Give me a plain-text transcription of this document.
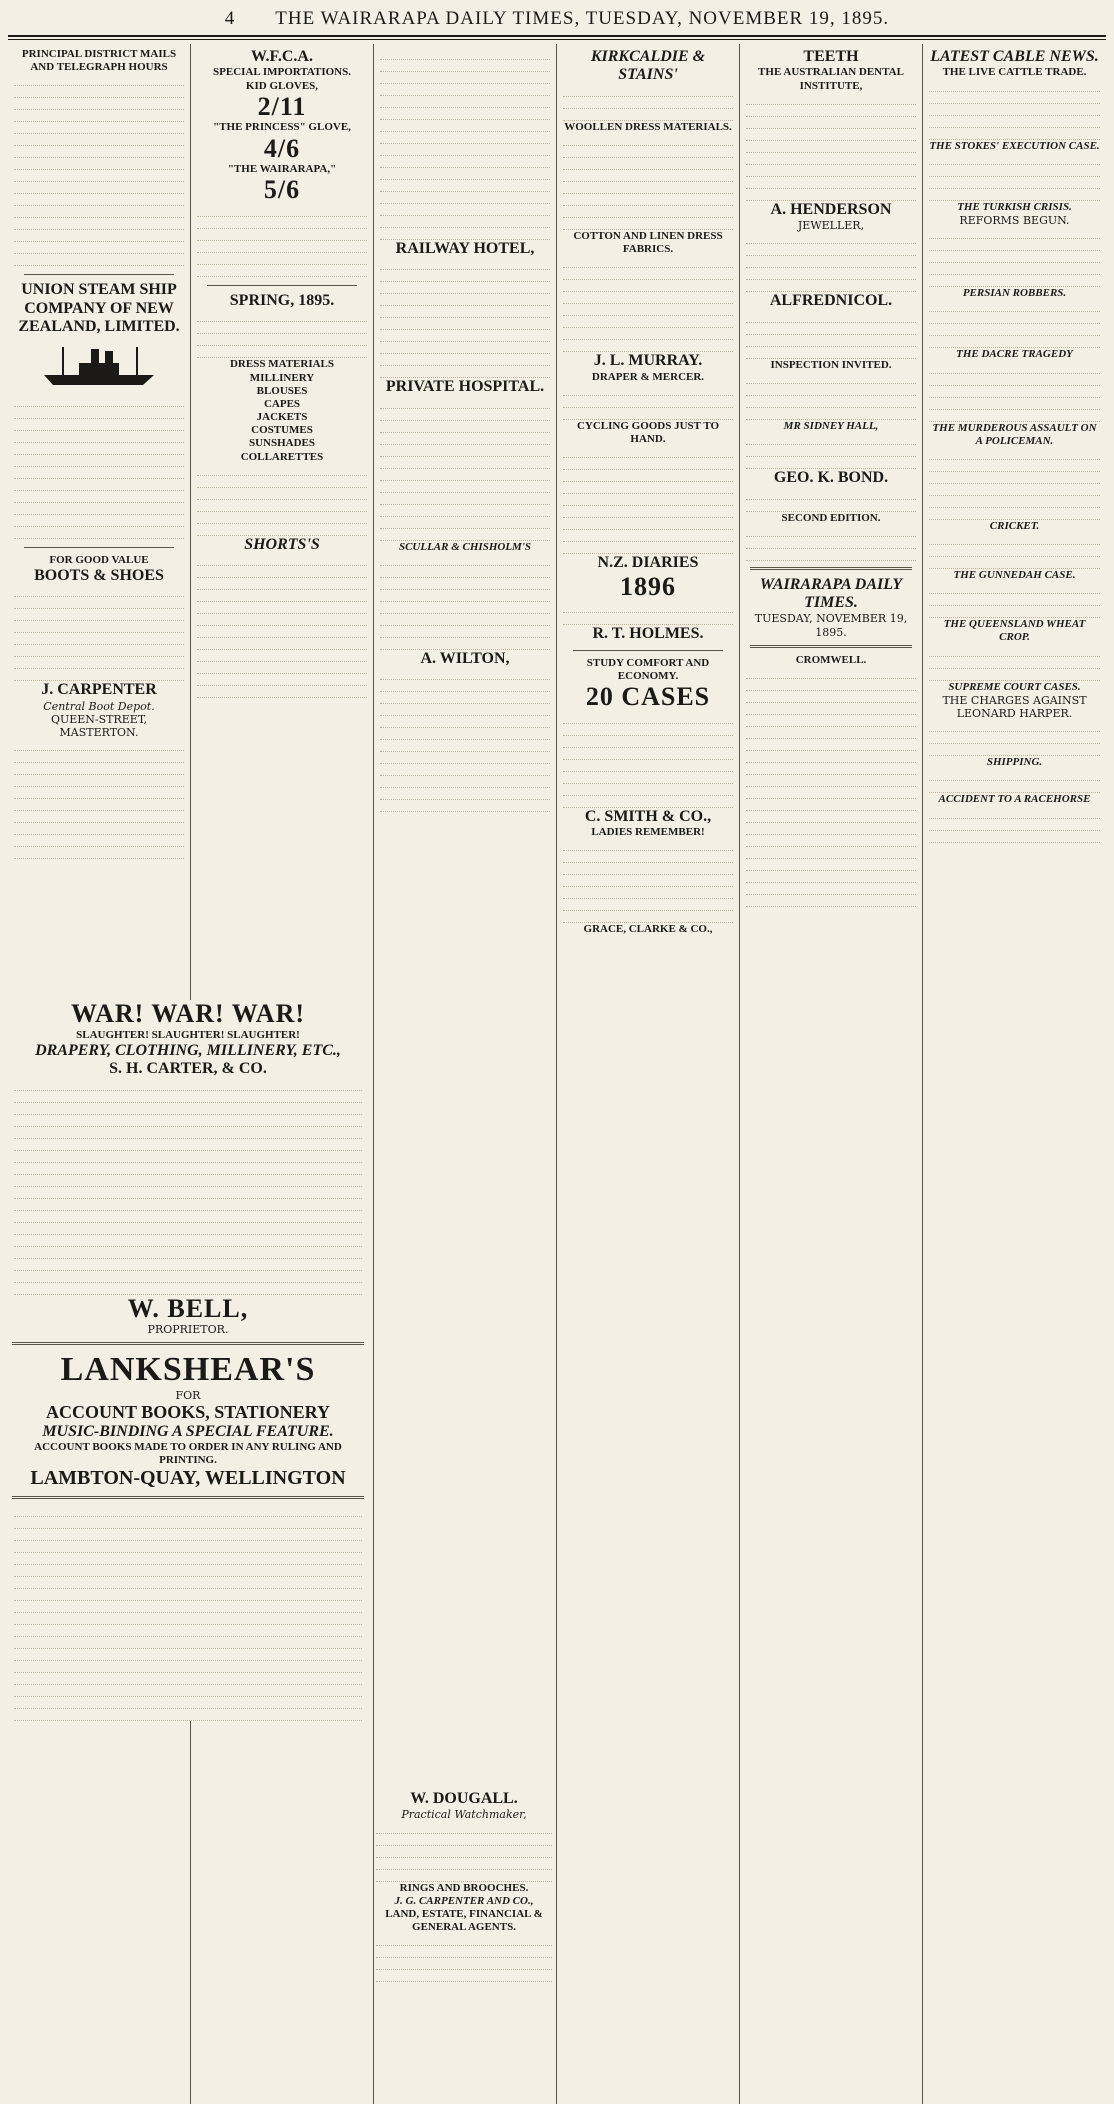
4 THE WAIRARAPA DAILY TIMES, TUESDAY, NOVEMBER 19, 1895.
PRINCIPAL DISTRICT MAILS AND TELEGRAPH HOURS

UNION STEAM SHIP COMPANY OF NEW ZEALAND, LIMITED.

FOR GOOD VALUE
BOOTS & SHOES

J. CARPENTER
Central Boot Depot.
QUEEN-STREET, MASTERTON.

W.F.C.A.
SPECIAL IMPORTATIONS.
KID GLOVES,
2/11
"THE PRINCESS" GLOVE,
4/6
"THE WAIRARAPA,"
5/6

SPRING, 1895.

DRESS MATERIALS
MILLINERY
BLOUSES
CAPES
JACKETS
COSTUMES
SUNSHADES
COLLARETTES

SHORTS'S

RAILWAY HOTEL,

PRIVATE HOSPITAL.

SCULLAR & CHISHOLM'S

A. WILTON,

KIRKCALDIE & STAINS'

WOOLLEN DRESS MATERIALS.

COTTON AND LINEN DRESS FABRICS.

J. L. MURRAY.
DRAPER & MERCER.

CYCLING GOODS JUST TO HAND.

N.Z. DIARIES
1896

R. T. HOLMES.
STUDY COMFORT AND ECONOMY.
20 CASES

C. SMITH & CO.,
LADIES REMEMBER!

GRACE, CLARKE & CO.,
TEETH
THE AUSTRALIAN DENTAL INSTITUTE,

A. HENDERSON
JEWELLER,

ALFREDNICOL.

INSPECTION INVITED.

MR SIDNEY HALL,

GEO. K. BOND.

SECOND EDITION.

WAIRARAPA DAILY TIMES.
TUESDAY, NOVEMBER 19, 1895.
CROMWELL.

LATEST CABLE NEWS.
THE LIVE CATTLE TRADE.

THE STOKES' EXECUTION CASE.

THE TURKISH CRISIS.
REFORMS BEGUN.

PERSIAN ROBBERS.

THE DACRE TRAGEDY

THE MURDEROUS ASSAULT ON A POLICEMAN.

CRICKET.

THE GUNNEDAH CASE.

THE QUEENSLAND WHEAT CROP.

SUPREME COURT CASES.
THE CHARGES AGAINST LEONARD HARPER.

SHIPPING.

ACCIDENT TO A RACEHORSE

WAR! WAR! WAR!
SLAUGHTER! SLAUGHTER! SLAUGHTER!
DRAPERY, CLOTHING, MILLINERY, ETC.,
S. H. CARTER, & CO.

W. BELL,
PROPRIETOR.
LANKSHEAR'S
FOR
ACCOUNT BOOKS, STATIONERY
MUSIC-BINDING A SPECIAL FEATURE.
ACCOUNT BOOKS MADE TO ORDER IN ANY RULING AND PRINTING.
LAMBTON-QUAY, WELLINGTON

W. DOUGALL.
Practical Watchmaker,

RINGS AND BROOCHES.
J. G. CARPENTER AND CO.,
LAND, ESTATE, FINANCIAL & GENERAL AGENTS.
